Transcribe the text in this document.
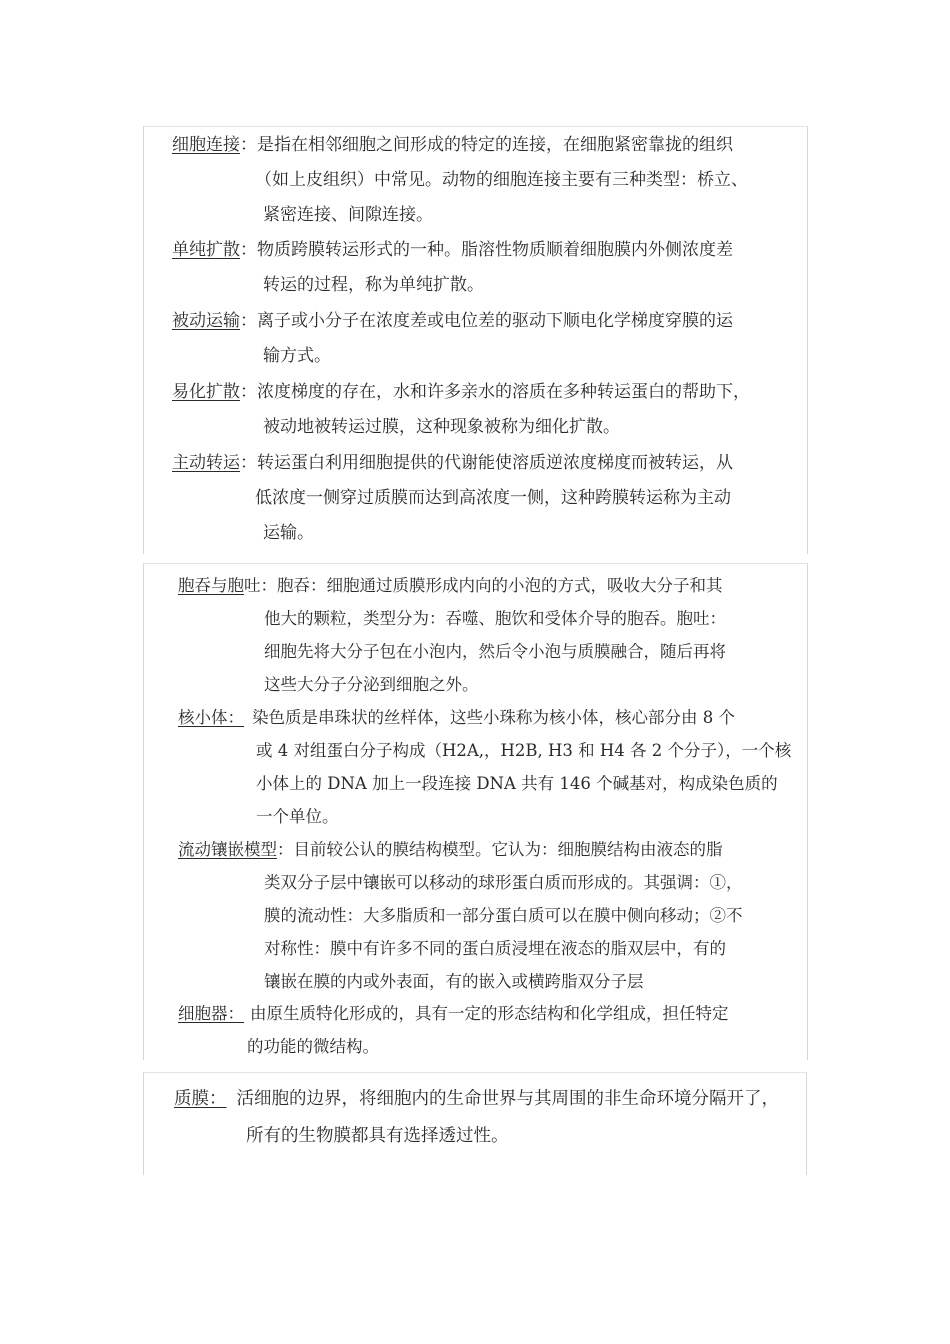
细胞连接：是指在相邻细胞之间形成的特定的连接，在细胞紧密靠拢的组织
（如上皮组织）中常见。动物的细胞连接主要有三种类型：桥立、
紧密连接、间隙连接。
单纯扩散：物质跨膜转运形式的一种。脂溶性物质顺着细胞膜内外侧浓度差
转运的过程，称为单纯扩散。
被动运输：离子或小分子在浓度差或电位差的驱动下顺电化学梯度穿膜的运
输方式。
易化扩散：浓度梯度的存在，水和许多亲水的溶质在多种转运蛋白的帮助下，
被动地被转运过膜，这种现象被称为细化扩散。
主动转运：转运蛋白利用细胞提供的代谢能使溶质逆浓度梯度而被转运，从
低浓度一侧穿过质膜而达到高浓度一侧，这种跨膜转运称为主动
运输。
胞吞与胞吐：胞吞：细胞通过质膜形成内向的小泡的方式，吸收大分子和其
他大的颗粒，类型分为：吞噬、胞饮和受体介导的胞吞。胞吐：
细胞先将大分子包在小泡内，然后令小泡与质膜融合，随后再将
这些大分子分泌到细胞之外。
核小体： 染色质是串珠状的丝样体，这些小珠称为核小体，核心部分由 8 个
或 4 对组蛋白分子构成（H2A,，H2B, H3 和 H4 各 2 个分子），一个核
小体上的 DNA 加上一段连接 DNA 共有 146 个碱基对，构成染色质的
一个单位。
流动镶嵌模型：目前较公认的膜结构模型。它认为：细胞膜结构由液态的脂
类双分子层中镶嵌可以移动的球形蛋白质而形成的。其强调：①，
膜的流动性：大多脂质和一部分蛋白质可以在膜中侧向移动；②不
对称性：膜中有许多不同的蛋白质浸埋在液态的脂双层中，有的
镶嵌在膜的内或外表面，有的嵌入或横跨脂双分子层
细胞器： 由原生质特化形成的，具有一定的形态结构和化学组成，担任特定
的功能的微结构。
质膜： 活细胞的边界，将细胞内的生命世界与其周围的非生命环境分隔开了，
所有的生物膜都具有选择透过性。
